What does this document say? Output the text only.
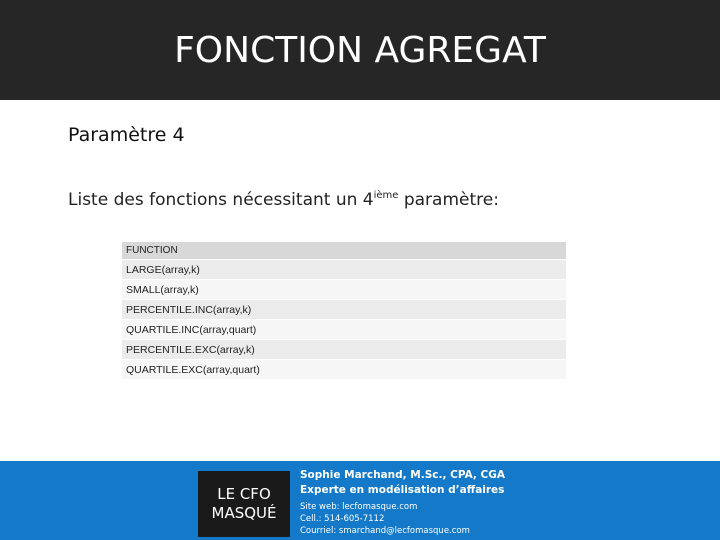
FONCTION AGREGAT
Paramètre 4
Liste des fonctions nécessitant un 4ième paramètre:
FUNCTION
LARGE(array,k)
SMALL(array,k)
PERCENTILE.INC(array,k)
QUARTILE.INC(array,quart)
PERCENTILE.EXC(array,k)
QUARTILE.EXC(array,quart)
LE CFO
MASQUÉ
Sophie Marchand, M.Sc., CPA, CGA
Experte en modélisation d’affaires
Site web: lecfomasque.com
Cell.: 514-605-7112
Courriel: smarchand@lecfomasque.com
